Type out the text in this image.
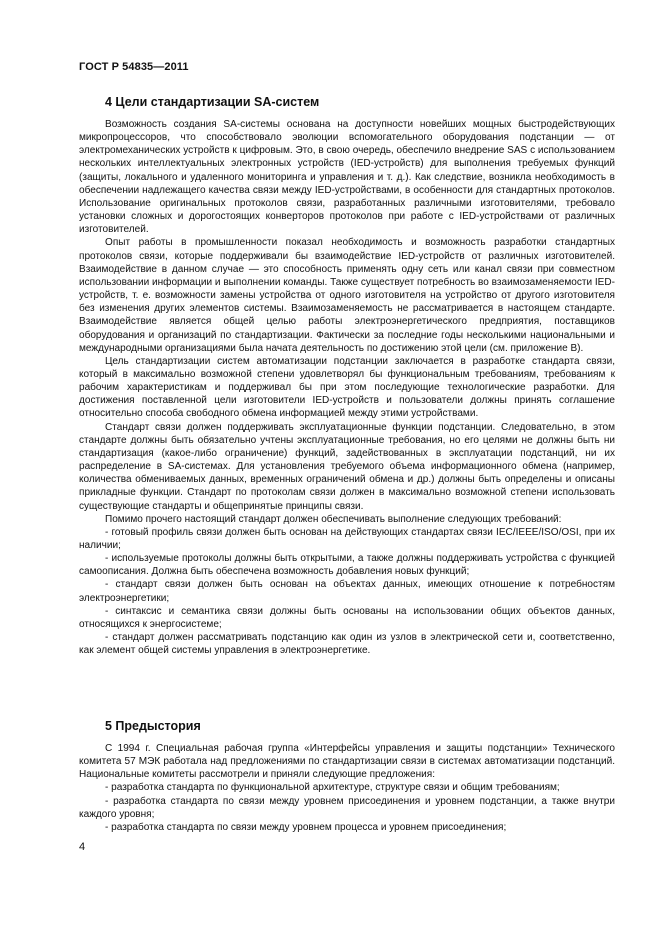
ГОСТ Р 54835—2011
4 Цели стандартизации SA-систем

Возможность создания SA-системы основана на доступности новейших мощных быстродействующих микропроцессоров, что способствовало эволюции вспомогательного оборудования подстанции — от электромеханических устройств к цифровым. Это, в свою очередь, обеспечило внедрение SAS с использованием нескольких интеллектуальных электронных устройств (IED-устройств) для выполнения требуемых функций (защиты, локального и удаленного мониторинга и управления и т. д.). Как следствие, возникла необходимость в обеспечении надлежащего качества связи между IED-устройствами, в особенности для стандартных протоколов. Использование оригинальных протоколов связи, разработанных различными изготовителями, требовало установки сложных и дорогостоящих конверторов протоколов при работе с IED-устройствами от различных изготовителей.

Опыт работы в промышленности показал необходимость и возможность разработки стандартных протоколов связи, которые поддерживали бы взаимодействие IED-устройств от различных изготовителей. Взаимодействие в данном случае — это способность применять одну сеть или канал связи при совместном использовании информации и выполнении команды. Также существует потребность во взаимозаменяемости IED-устройств, т. е. возможности замены устройства от одного изготовителя на устройство от другого изготовителя без изменения других элементов системы. Взаимозаменяемость не рассматривается в настоящем стандарте. Взаимодействие является общей целью работы электроэнергетического предприятия, поставщиков оборудования и организаций по стандартизации. Фактически за последние годы несколькими национальными и международными организациями была начата деятельность по достижению этой цели (см. приложение В).

Цель стандартизации систем автоматизации подстанции заключается в разработке стандарта связи, который в максимально возможной степени удовлетворял бы функциональным требованиям, требованиям к рабочим характеристикам и поддерживал бы при этом последующие технологические разработки. Для достижения поставленной цели изготовители IED-устройств и пользователи должны принять соглашение относительно способа свободного обмена информацией между этими устройствами.

Стандарт связи должен поддерживать эксплуатационные функции подстанции. Следовательно, в этом стандарте должны быть обязательно учтены эксплуатационные требования, но его целями не должны быть ни стандартизация (какое-либо ограничение) функций, задействованных в эксплуатации подстанций, ни их распределение в SA-системах. Для установления требуемого объема информационного обмена (например, количества обмениваемых данных, временных ограничений обмена и др.) должны быть определены и описаны прикладные функции. Стандарт по протоколам связи должен в максимально возможной степени использовать существующие стандарты и общепринятые принципы связи.

Помимо прочего настоящий стандарт должен обеспечивать выполнение следующих требований:

- готовый профиль связи должен быть основан на действующих стандартах связи IEC/IEEE/ISO/OSI, при их наличии;

- используемые протоколы должны быть открытыми, а также должны поддерживать устройства с функцией самоописания. Должна быть обеспечена возможность добавления новых функций;

- стандарт связи должен быть основан на объектах данных, имеющих отношение к потребностям электроэнергетики;

- синтаксис и семантика связи должны быть основаны на использовании общих объектов данных, относящихся к энергосистеме;

- стандарт должен рассматривать подстанцию как один из узлов в электрической сети и, соответственно, как элемент общей системы управления в электроэнергетике.

5 Предыстория

С 1994 г. Специальная рабочая группа «Интерфейсы управления и защиты подстанции» Технического комитета 57 МЭК работала над предложениями по стандартизации связи в системах автоматизации подстанций. Национальные комитеты рассмотрели и приняли следующие предложения:

- разработка стандарта по функциональной архитектуре, структуре связи и общим требованиям;

- разработка стандарта по связи между уровнем присоединения и уровнем подстанции, а также внутри каждого уровня;

- разработка стандарта по связи между уровнем процесса и уровнем присоединения;

4
